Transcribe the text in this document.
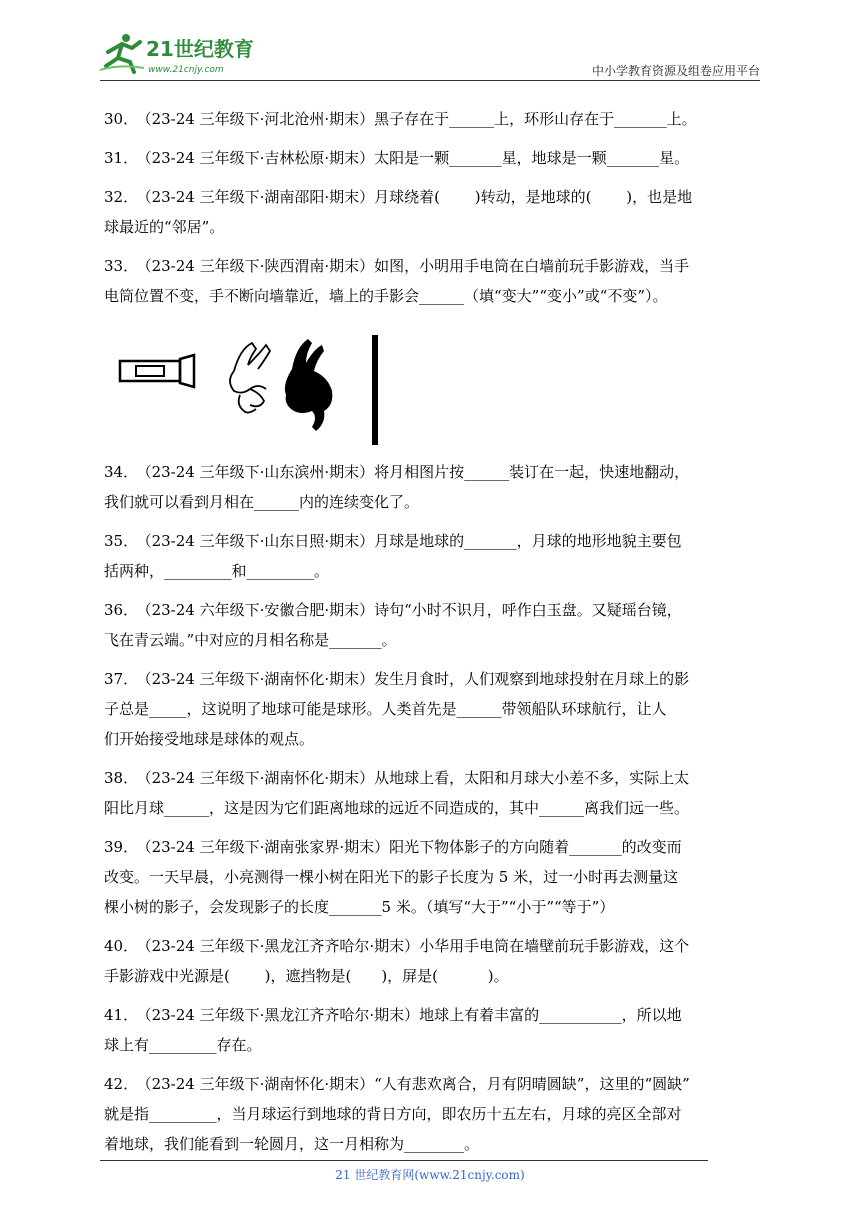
21世纪教育
www.21cnjy.com	中小学教育资源及组卷应用平台

30． （23-24 三年级下·河北沧州·期末）黑子存在于______上，环形山存在于_______上。

31． （23-24 三年级下·吉林松原·期末）太阳是一颗_______星，地球是一颗_______星。

32． （23-24 三年级下·湖南邵阳·期末）月球绕着(　　 )转动，是地球的(　　 )，也是地

球最近的“邻居”。

33． （23-24 三年级下·陕西渭南·期末）如图，小明用手电筒在白墙前玩手影游戏，当手

电筒位置不变，手不断向墙靠近，墙上的手影会______（填“变大”“变小”或“不变”）。

34． （23-24 三年级下·山东滨州·期末）将月相图片按______装订在一起，快速地翻动，

我们就可以看到月相在______内的连续变化了。

35． （23-24 三年级下·山东日照·期末）月球是地球的_______，月球的地形地貌主要包

括两种，_________和_________。

36． （23-24 六年级下·安徽合肥·期末）诗句“小时不识月，呼作白玉盘。又疑瑶台镜，

飞在青云端。”中对应的月相名称是_______。

37． （23-24 三年级下·湖南怀化·期末）发生月食时，人们观察到地球投射在月球上的影

子总是_____，这说明了地球可能是球形。人类首先是______带领船队环球航行，让人

们开始接受地球是球体的观点。

38． （23-24 三年级下·湖南怀化·期末）从地球上看，太阳和月球大小差不多，实际上太

阳比月球______，这是因为它们距离地球的远近不同造成的，其中______离我们远一些。

39． （23-24 三年级下·湖南张家界·期末）阳光下物体影子的方向随着_______的改变而

改变。一天早晨，小亮测得一棵小树在阳光下的影子长度为 5 米，过一小时再去测量这

棵小树的影子，会发现影子的长度_______5 米。（填写“大于”“小于”“等于”）

40． （23-24 三年级下·黑龙江齐齐哈尔·期末）小华用手电筒在墙壁前玩手影游戏，这个

手影游戏中光源是(　　 )，遮挡物是(　　)，屏是(　　　 )。

41． （23-24 三年级下·黑龙江齐齐哈尔·期末）地球上有着丰富的___________，所以地

球上有_________存在。

42． （23-24 三年级下·湖南怀化·期末）“人有悲欢离合，月有阴晴圆缺”，这里的“圆缺”

就是指_________，当月球运行到地球的背日方向，即农历十五左右，月球的亮区全部对

着地球，我们能看到一轮圆月，这一月相称为________。

21 世纪教育网(www.21cnjy.com)
